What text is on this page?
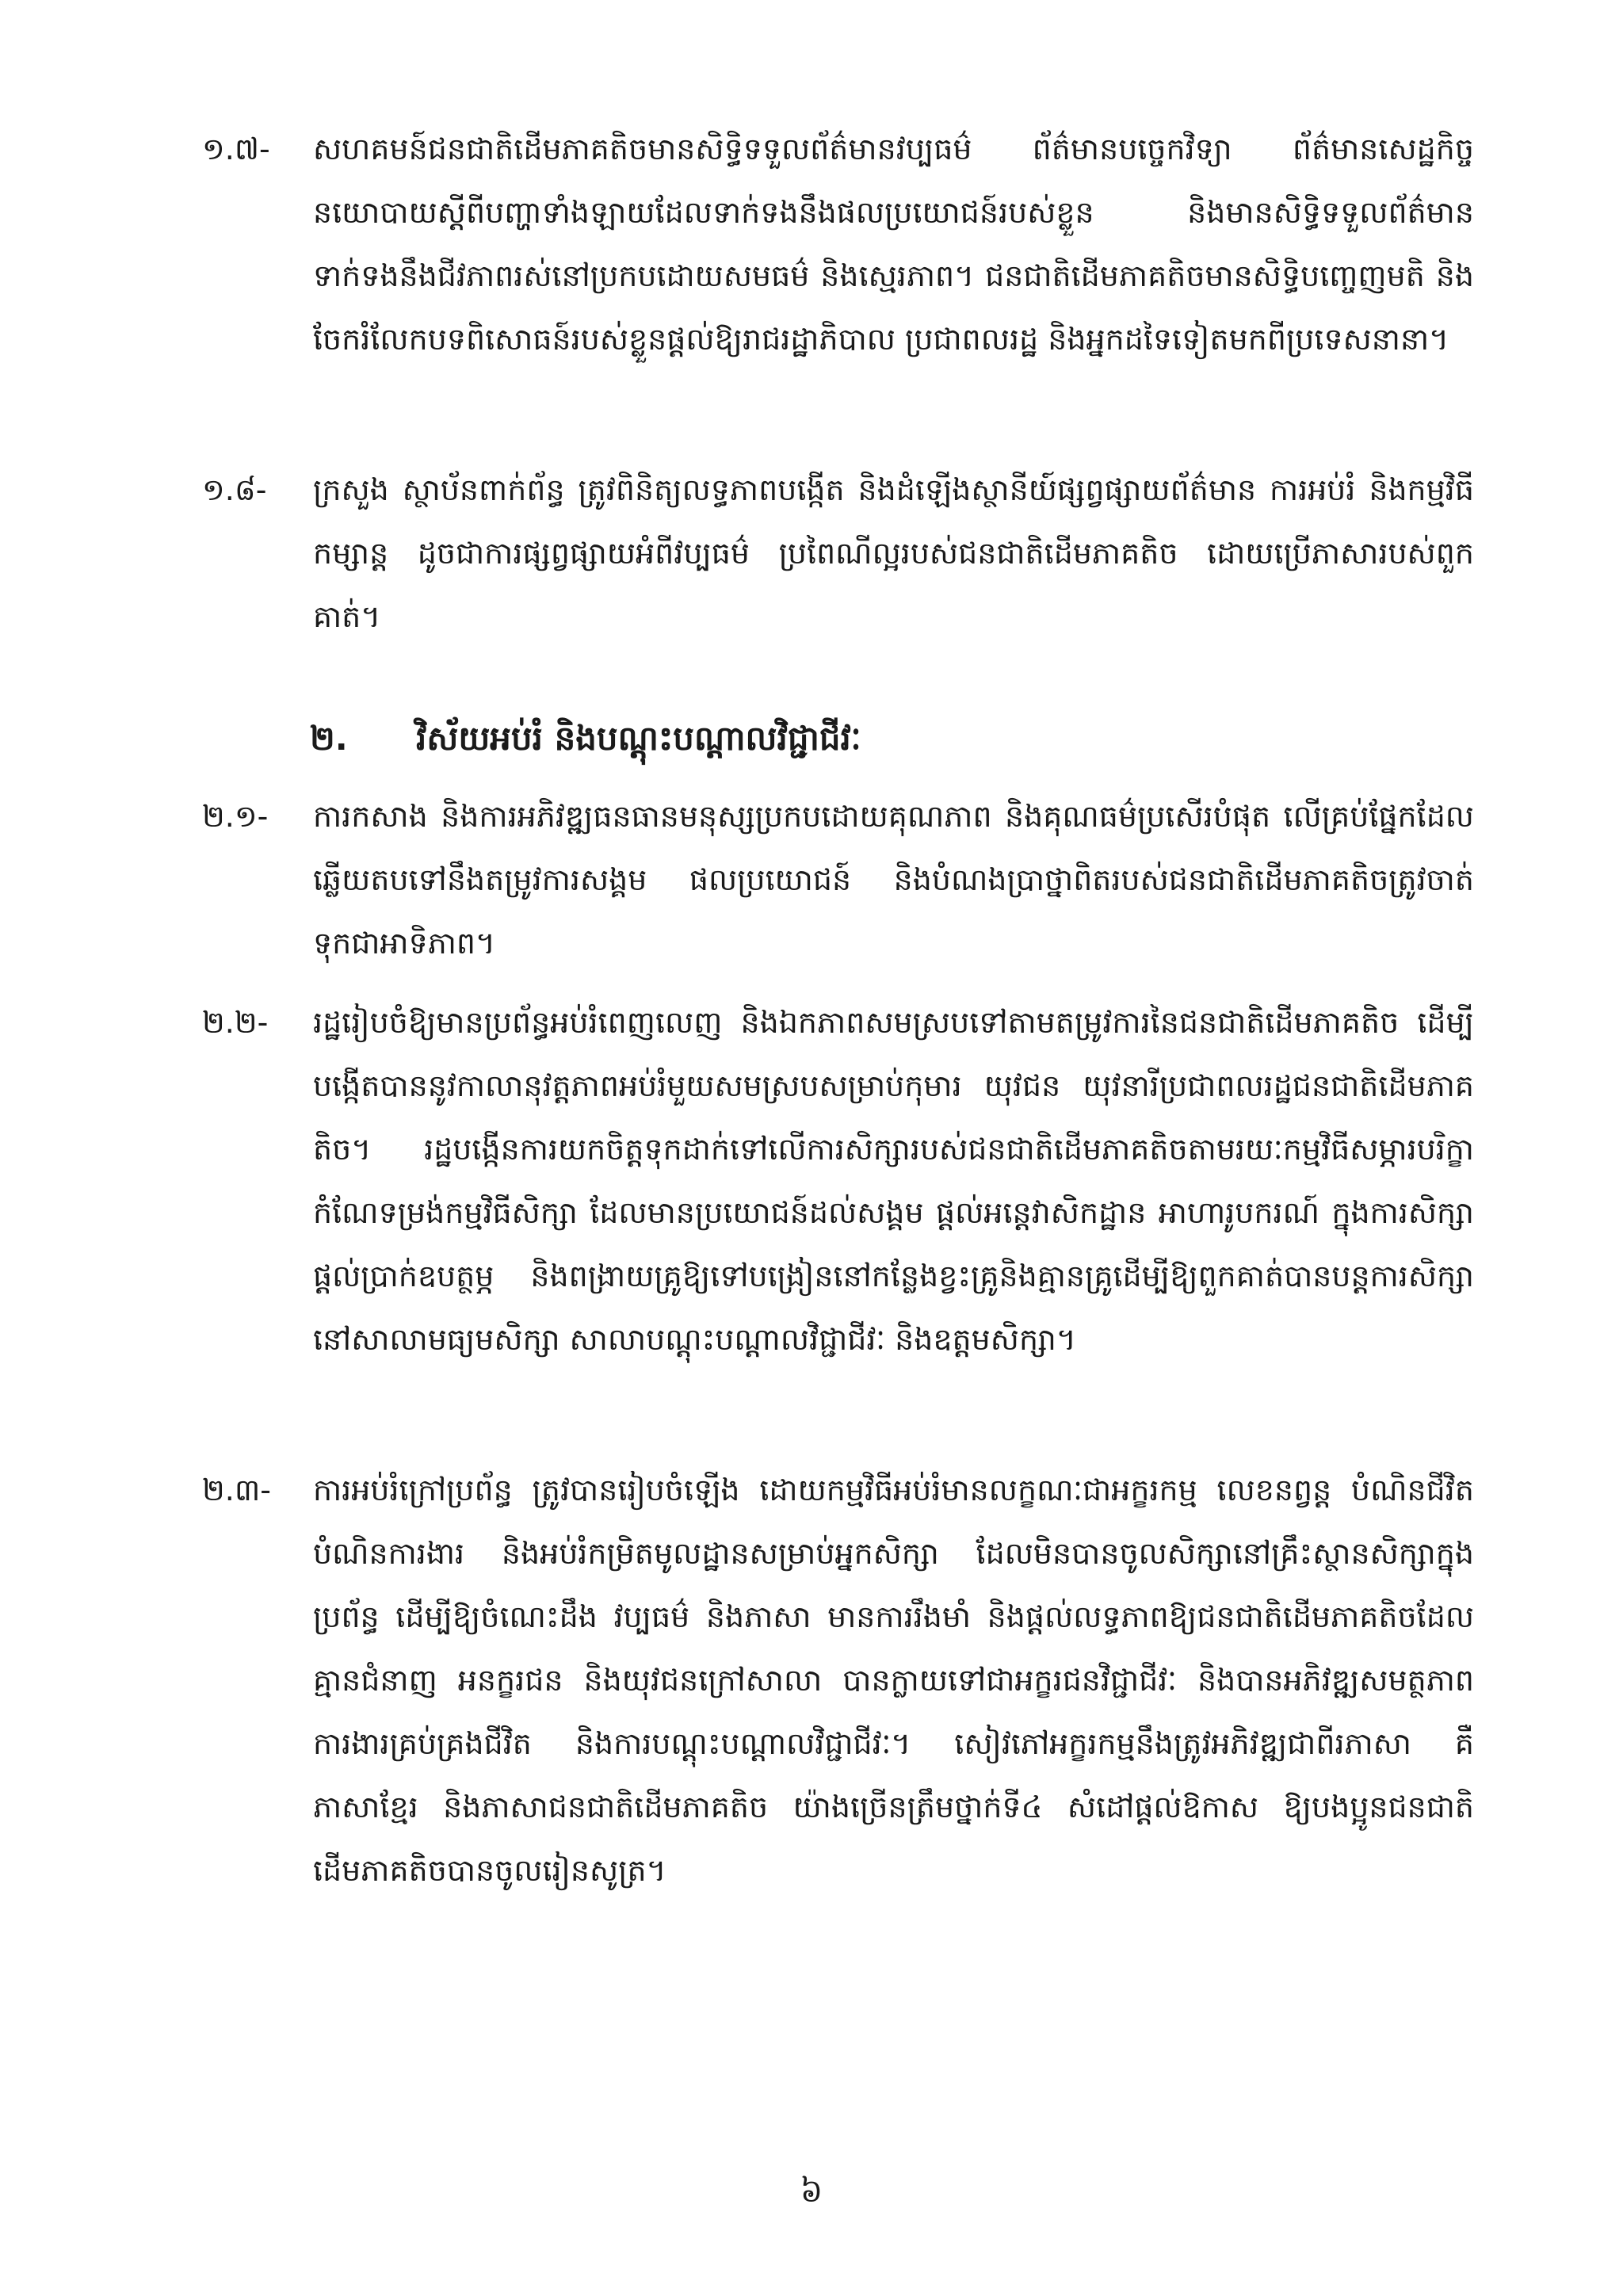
១.៧-	សហគមន៍ជនជាតិដើមភាគតិចមានសិទ្ធិទទួលព័ត៌មានវប្បធម៌ ព័ត៌មានបច្ចេកវិទ្យា ព័ត៌មានសេដ្ឋកិច្ច នយោបាយស្តីពីបញ្ហាទាំងឡាយដែលទាក់ទងនឹងផលប្រយោជន៍របស់ខ្លួន និងមានសិទ្ធិទទួលព័ត៌មានទាក់ទងនឹងជីវភាពរស់នៅប្រកបដោយសមធម៌ និងស្មេរភាព។ ជនជាតិដើមភាគតិចមានសិទ្ធិបញ្ចេញមតិ និងចែករំលែកបទពិសោធន៍របស់ខ្លួនផ្តល់ឱ្យរាជរដ្ឋាភិបាល ប្រជាពលរដ្ឋ និងអ្នកដទៃទៀតមកពីប្រទេសនានា។
១.៨-	ក្រសួង ស្ថាប័នពាក់ព័ន្ធ ត្រូវពិនិត្យលទ្ធភាពបង្កើត និងដំឡើងស្ថានីយ៍ផ្សព្វផ្សាយព័ត៌មាន ការអប់រំ និងកម្មវិធីកម្សាន្ត ដូចជាការផ្សព្វផ្សាយអំពីវប្បធម៌ ប្រពៃណីល្អរបស់ជនជាតិដើមភាគតិច ដោយប្រើភាសារបស់ពួកគាត់។
២.	វិស័យអប់រំ និងបណ្តុះបណ្តាលវិជ្ជាជីវៈ
២.១-	ការកសាង និងការអភិវឌ្ឍធនធានមនុស្សប្រកបដោយគុណភាព និងគុណធម៌ប្រសើរបំផុត លើគ្រប់ផ្នែកដែលឆ្លើយតបទៅនឹងតម្រូវការសង្គម ផលប្រយោជន៍ និងបំណងប្រាថ្នាពិតរបស់ជនជាតិដើមភាគតិចត្រូវចាត់ទុកជាអាទិភាព។
២.២-	រដ្ឋរៀបចំឱ្យមានប្រព័ន្ធអប់រំពេញលេញ និងឯកភាពសមស្របទៅតាមតម្រូវការនៃជនជាតិដើមភាគតិច ដើម្បីបង្កើតបាននូវកាលានុវត្តភាពអប់រំមួយសមស្របសម្រាប់កុមារ យុវជន យុវនារីប្រជាពលរដ្ឋជនជាតិដើមភាគតិច។ រដ្ឋបង្កើនការយកចិត្តទុកដាក់ទៅលើការសិក្សារបស់ជនជាតិដើមភាគតិចតាមរយៈកម្មវិធីសម្ភារបរិក្ខា កំណែទម្រង់កម្មវិធីសិក្សា ដែលមានប្រយោជន៍ដល់សង្គម ផ្តល់អន្តេវាសិកដ្ឋាន អាហារូបករណ៍ ក្នុងការសិក្សាផ្តល់ប្រាក់ឧបត្ថម្ភ និងពង្រាយគ្រូឱ្យទៅបង្រៀននៅកន្លែងខ្វះគ្រូនិងគ្មានគ្រូដើម្បីឱ្យពួកគាត់បានបន្តការសិក្សានៅសាលាមធ្យមសិក្សា សាលាបណ្តុះបណ្តាលវិជ្ជាជីវៈ និងឧត្តមសិក្សា។
២.៣-	ការអប់រំក្រៅប្រព័ន្ធ ត្រូវបានរៀបចំឡើង ដោយកម្មវិធីអប់រំមានលក្ខណៈជាអក្ខរកម្ម លេខនព្វន្ត បំណិនជីវិត បំណិនការងារ និងអប់រំកម្រិតមូលដ្ឋានសម្រាប់អ្នកសិក្សា ដែលមិនបានចូលសិក្សានៅគ្រឹះស្ថានសិក្សាក្នុងប្រព័ន្ធ ដើម្បីឱ្យចំណេះដឹង វប្បធម៌ និងភាសា មានការរឹងមាំ និងផ្តល់លទ្ធភាពឱ្យជនជាតិដើមភាគតិចដែលគ្មានជំនាញ អនក្ខរជន និងយុវជនក្រៅសាលា បានក្លាយទៅជាអក្ខរជនវិជ្ជាជីវៈ និងបានអភិវឌ្ឍសមត្ថភាពការងារគ្រប់គ្រងជីវិត និងការបណ្តុះបណ្តាលវិជ្ជាជីវៈ។ សៀវភៅអក្ខរកម្មនឹងត្រូវអភិវឌ្ឍជាពីរភាសា គឺភាសាខ្មែរ និងភាសាជនជាតិដើមភាគតិច យ៉ាងច្រើនត្រឹមថ្នាក់ទី៤ សំដៅផ្តល់ឱកាស ឱ្យបងប្អូនជនជាតិដើមភាគតិចបានចូលរៀនសូត្រ។
៦
